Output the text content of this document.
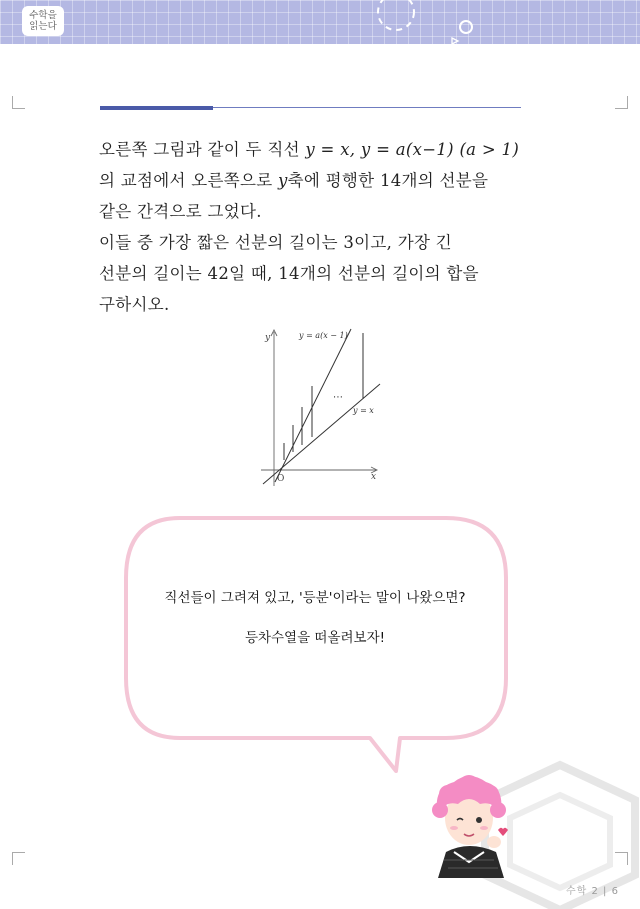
수학을
읽는다

오른쪽 그림과 같이 두 직선 y = x, y = a(x−1) (a > 1)

의 교점에서 오른쪽으로 y축에 평행한 14개의 선분을

같은 간격으로 그었다.

이들 중 가장 짧은 선분의 길이는 3이고, 가장 긴

선분의 길이는 42일 때, 14개의 선분의 길이의 합을

구하시오.

y
x
O
⋯
y = a(x − 1)
y = x

직선들이 그려져 있고, '등분'이라는 말이 나왔으면?

등차수열을 떠올려보자!

수학 2 | 6
